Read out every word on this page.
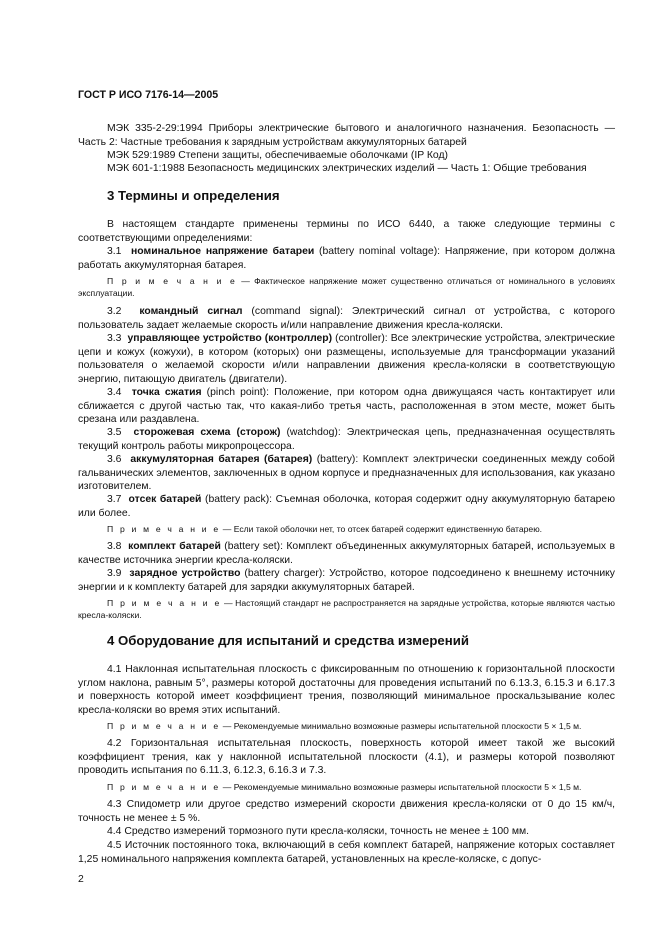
ГОСТ Р ИСО 7176-14—2005
МЭК 335-2-29:1994 Приборы электрические бытового и аналогичного назначения. Безопасность — Часть 2: Частные требования к зарядным устройствам аккумуляторных батарей
МЭК 529:1989 Степени защиты, обеспечиваемые оболочками (IP Код)
МЭК 601-1:1988 Безопасность медицинских электрических изделий — Часть 1: Общие требования
3 Термины и определения
В настоящем стандарте применены термины по ИСО 6440, а также следующие термины с соответствующими определениями:
3.1 номинальное напряжение батареи (battery nominal voltage): Напряжение, при котором должна работать аккумуляторная батарея.
П р и м е ч а н и е — Фактическое напряжение может существенно отличаться от номинального в условиях эксплуатации.
3.2 командный сигнал (command signal): Электрический сигнал от устройства, с которого пользователь задает желаемые скорость и/или направление движения кресла-коляски.
3.3 управляющее устройство (контроллер) (controller): Все электрические устройства, электрические цепи и кожух (кожухи), в котором (которых) они размещены, используемые для трансформации указаний пользователя о желаемой скорости и/или направлении движения кресла-коляски в соответствующую энергию, питающую двигатель (двигатели).
3.4 точка сжатия (pinch point): Положение, при котором одна движущаяся часть контактирует или сближается с другой частью так, что какая-либо третья часть, расположенная в этом месте, может быть срезана или раздавлена.
3.5 сторожевая схема (сторож) (watchdog): Электрическая цепь, предназначенная осуществлять текущий контроль работы микропроцессора.
3.6 аккумуляторная батарея (батарея) (battery): Комплект электрически соединенных между собой гальванических элементов, заключенных в одном корпусе и предназначенных для использования, как указано изготовителем.
3.7 отсек батарей (battery pack): Съемная оболочка, которая содержит одну аккумуляторную батарею или более.
П р и м е ч а н и е — Если такой оболочки нет, то отсек батарей содержит единственную батарею.
3.8 комплект батарей (battery set): Комплект объединенных аккумуляторных батарей, используемых в качестве источника энергии кресла-коляски.
3.9 зарядное устройство (battery charger): Устройство, которое подсоединено к внешнему источнику энергии и к комплекту батарей для зарядки аккумуляторных батарей.
П р и м е ч а н и е — Настоящий стандарт не распространяется на зарядные устройства, которые являются частью кресла-коляски.
4 Оборудование для испытаний и средства измерений
4.1 Наклонная испытательная плоскость с фиксированным по отношению к горизонтальной плоскости углом наклона, равным 5°, размеры которой достаточны для проведения испытаний по 6.13.3, 6.15.3 и 6.17.3 и поверхность которой имеет коэффициент трения, позволяющий минимальное проскальзывание колес кресла-коляски во время этих испытаний.
П р и м е ч а н и е — Рекомендуемые минимально возможные размеры испытательной плоскости 5 × 1,5 м.
4.2 Горизонтальная испытательная плоскость, поверхность которой имеет такой же высокий коэффициент трения, как у наклонной испытательной плоскости (4.1), и размеры которой позволяют проводить испытания по 6.11.3, 6.12.3, 6.16.3 и 7.3.
П р и м е ч а н и е — Рекомендуемые минимально возможные размеры испытательной плоскости 5 × 1,5 м.
4.3 Спидометр или другое средство измерений скорости движения кресла-коляски от 0 до 15 км/ч, точность не менее ± 5 %.
4.4 Средство измерений тормозного пути кресла-коляски, точность не менее ± 100 мм.
4.5 Источник постоянного тока, включающий в себя комплект батарей, напряжение которых составляет 1,25 номинального напряжения комплекта батарей, установленных на кресле-коляске, с допус-
2
